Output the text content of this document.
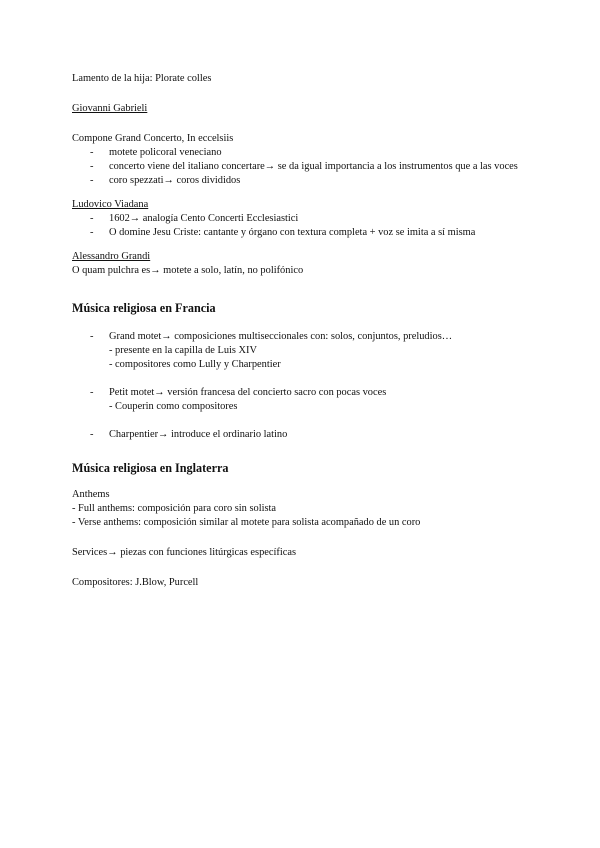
Lamento de la hija: Plorate colles
Giovanni Gabrieli
Compone Grand Concerto, In eccelsiis
- motete policoral veneciano
- concerto viene del italiano concertare→ se da igual importancia a los instrumentos que a las voces
- coro spezzati→ coros divididos
Ludovico Viadana
- 1602→ analogía Cento Concerti Ecclesiastici
- O domine Jesu Criste: cantante y órgano con textura completa + voz se imita a sí misma
Alessandro Grandi
O quam pulchra es→ motete a solo, latín, no polifónico
Música religiosa en Francia
- Grand motet→ composiciones multiseccionales con: solos, conjuntos, preludios…
- presente en la capilla de Luis XIV
- compositores como Lully y Charpentier
- Petit motet→ versión francesa del concierto sacro con pocas voces
- Couperin como compositores
- Charpentier→ introduce el ordinario latino
Música religiosa en Inglaterra
Anthems
- Full anthems: composición para coro sin solista
- Verse anthems: composición similar al motete para solista acompañado de un coro
Services→ piezas con funciones litúrgicas específicas
Compositores: J.Blow, Purcell
